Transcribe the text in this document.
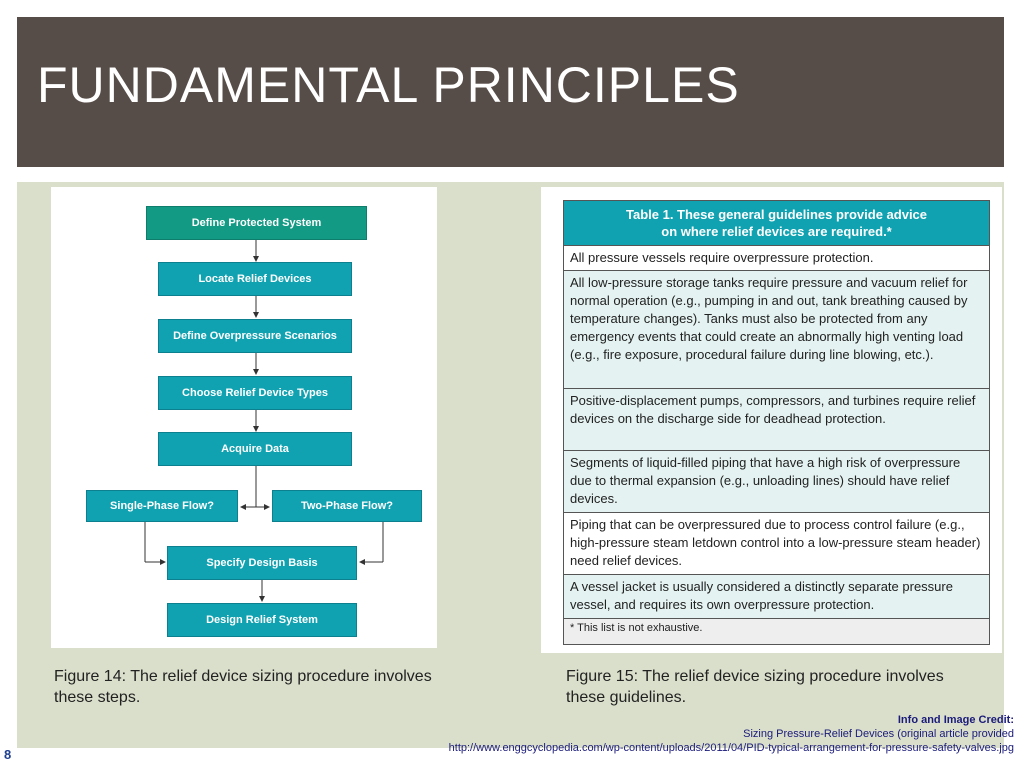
FUNDAMENTAL PRINCIPLES
Define Protected System
Locate Relief Devices
Define Overpressure Scenarios
Choose Relief Device Types
Acquire Data
Single-Phase Flow?	Two-Phase Flow?
Specify Design Basis
Design Relief System
Table 1. These general guidelines provide advice
on where relief devices are required.*
All pressure vessels require overpressure protection.
All low-pressure storage tanks require pressure and vacuum relief for normal operation (e.g., pumping in and out, tank breathing caused by temperature changes). Tanks must also be protected from any emergency events that could create an abnormally high venting load (e.g., fire exposure, procedural failure during line blowing, etc.).
Positive-displacement pumps, compressors, and turbines require relief devices on the discharge side for deadhead protection.
Segments of liquid-filled piping that have a high risk of overpressure due to thermal expansion (e.g., unloading lines) should have relief devices.
Piping that can be overpressured due to process control failure (e.g., high-pressure steam letdown control into a low-pressure steam header) need relief devices.
A vessel jacket is usually considered a distinctly separate pressure vessel, and requires its own overpressure protection.
* This list is not exhaustive.
Figure 14: The relief device sizing procedure involves these steps.
Figure 15: The relief device sizing procedure involves these guidelines.
Info and Image Credit:
Sizing Pressure-Relief Devices (original article provided
http://www.enggcyclopedia.com/wp-content/uploads/2011/04/PID-typical-arrangement-for-pressure-safety-valves.jpg
8
